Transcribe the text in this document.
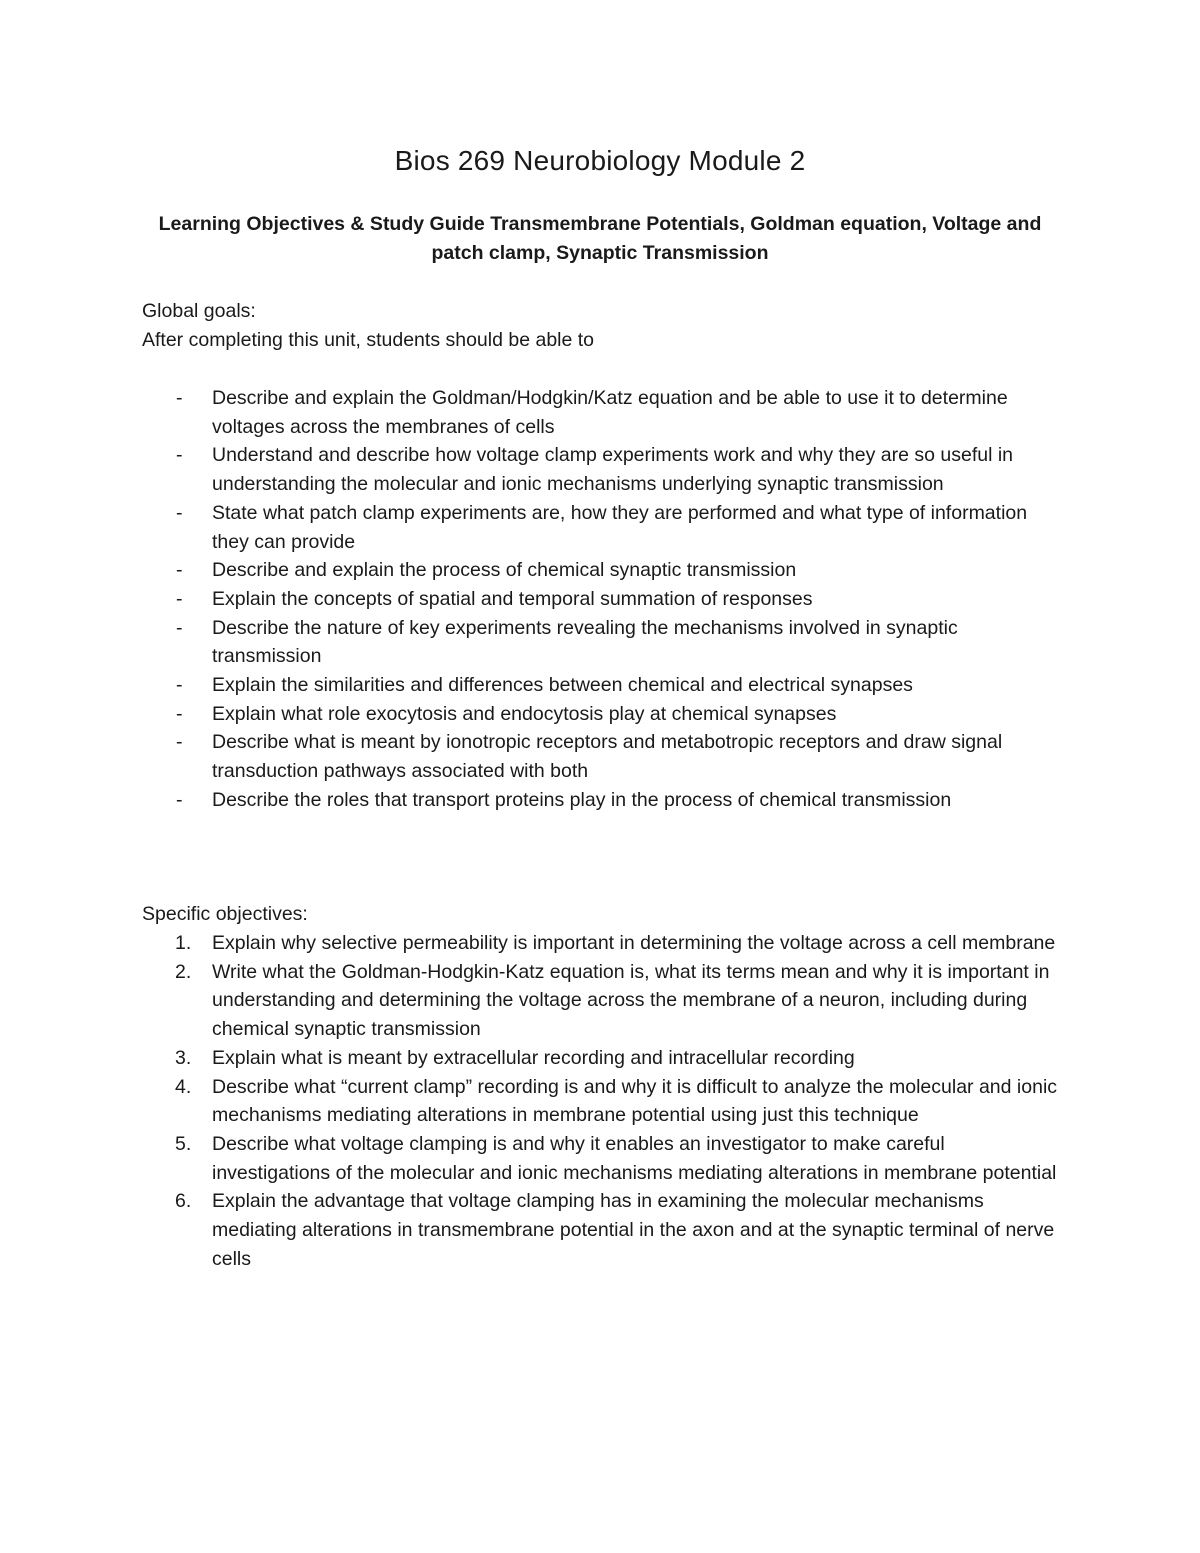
Bios 269 Neurobiology Module 2
Learning Objectives & Study Guide Transmembrane Potentials, Goldman equation, Voltage and patch clamp, Synaptic Transmission
Global goals:
After completing this unit, students should be able to
- Describe and explain the Goldman/Hodgkin/Katz equation and be able to use it to determine voltages across the membranes of cells
- Understand and describe how voltage clamp experiments work and why they are so useful in understanding the molecular and ionic mechanisms underlying synaptic transmission
- State what patch clamp experiments are, how they are performed and what type of information they can provide
- Describe and explain the process of chemical synaptic transmission
- Explain the concepts of spatial and temporal summation of responses
- Describe the nature of key experiments revealing the mechanisms involved in synaptic transmission
- Explain the similarities and differences between chemical and electrical synapses
- Explain what role exocytosis and endocytosis play at chemical synapses
- Describe what is meant by ionotropic receptors and metabotropic receptors and draw signal transduction pathways associated with both
- Describe the roles that transport proteins play in the process of chemical transmission
Specific objectives:
1. Explain why selective permeability is important in determining the voltage across a cell membrane
2. Write what the Goldman-Hodgkin-Katz equation is, what its terms mean and why it is important in understanding and determining the voltage across the membrane of a neuron, including during chemical synaptic transmission
3. Explain what is meant by extracellular recording and intracellular recording
4. Describe what “current clamp” recording is and why it is difficult to analyze the molecular and ionic mechanisms mediating alterations in membrane potential using just this technique
5. Describe what voltage clamping is and why it enables an investigator to make careful investigations of the molecular and ionic mechanisms mediating alterations in membrane potential
6. Explain the advantage that voltage clamping has in examining the molecular mechanisms mediating alterations in transmembrane potential in the axon and at the synaptic terminal of nerve cells
